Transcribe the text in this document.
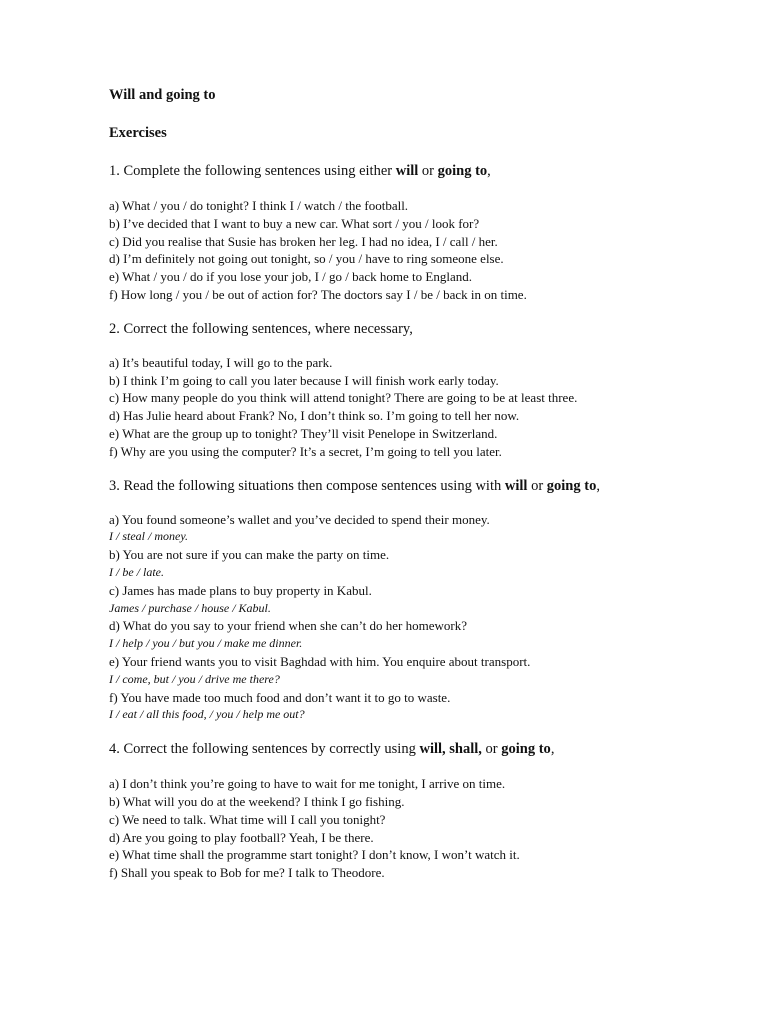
Will and going to

Exercises

1. Complete the following sentences using either will or going to,

a) What / you / do tonight? I think I / watch / the football.

b) I’ve decided that I want to buy a new car. What sort / you / look for?

c) Did you realise that Susie has broken her leg. I had no idea, I / call / her.

d) I’m definitely not going out tonight, so / you / have to ring someone else.

e) What / you / do if you lose your job, I / go / back home to England.

f) How long / you / be out of action for? The doctors say I / be / back in on time.

2. Correct the following sentences, where necessary,

a) It’s beautiful today, I will go to the park.

b) I think I’m going to call you later because I will finish work early today.

c) How many people do you think will attend tonight? There are going to be at least three.

d) Has Julie heard about Frank? No, I don’t think so. I’m going to tell her now.

e) What are the group up to tonight? They’ll visit Penelope in Switzerland.

f) Why are you using the computer? It’s a secret, I’m going to tell you later.

3. Read the following situations then compose sentences using with will or going to,

a) You found someone’s wallet and you’ve decided to spend their money.

I / steal / money.

b) You are not sure if you can make the party on time.

I / be / late.

c) James has made plans to buy property in Kabul.

James / purchase / house / Kabul.

d) What do you say to your friend when she can’t do her homework?

I / help / you / but you / make me dinner.

e) Your friend wants you to visit Baghdad with him. You enquire about transport.

I / come, but / you / drive me there?

f) You have made too much food and don’t want it to go to waste.

I / eat / all this food, / you / help me out?

4. Correct the following sentences by correctly using will, shall, or going to,

a) I don’t think you’re going to have to wait for me tonight, I arrive on time.

b) What will you do at the weekend? I think I go fishing.

c) We need to talk. What time will I call you tonight?

d) Are you going to play football? Yeah, I be there.

e) What time shall the programme start tonight? I don’t know, I won’t watch it.

f) Shall you speak to Bob for me? I talk to Theodore.
